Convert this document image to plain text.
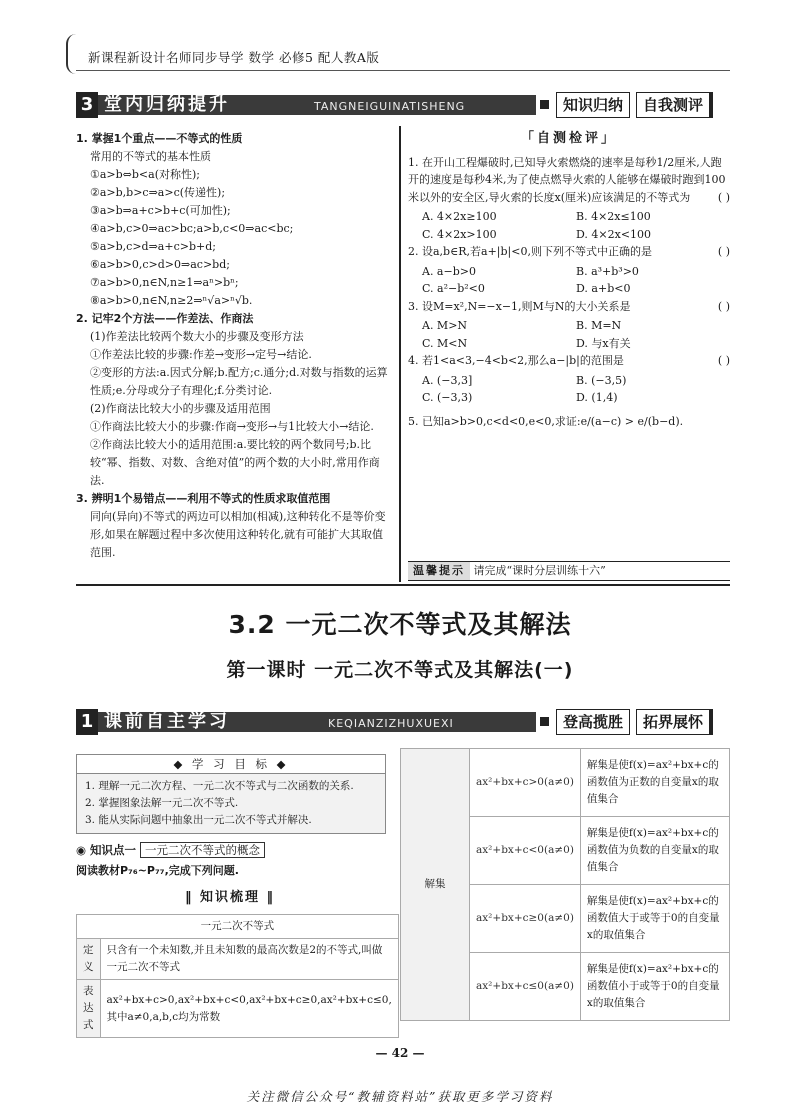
新课程新设计名师同步导学 数学 必修5 配人教A版
3 堂内归纳提升	TANGNEIGUINATISHENG	知识归纳	自我测评
1. 掌握1个重点——不等式的性质
常用的不等式的基本性质
①a>b⇔b<a(对称性);
②a>b,b>c⇒a>c(传递性);
③a>b⇒a+c>b+c(可加性);
④a>b,c>0⇒ac>bc;a>b,c<0⇒ac<bc;
⑤a>b,c>d⇒a+c>b+d;
⑥a>b>0,c>d>0⇒ac>bd;
⑦a>b>0,n∈N,n≥1⇒aⁿ>bⁿ;
⑧a>b>0,n∈N,n≥2⇒ⁿ√a>ⁿ√b.
2. 记牢2个方法——作差法、作商法
(1)作差法比较两个数大小的步骤及变形方法
①作差法比较的步骤:作差→变形→定号→结论.
②变形的方法:a.因式分解;b.配方;c.通分;d.对数与指数的运算性质;e.分母或分子有理化;f.分类讨论.
(2)作商法比较大小的步骤及适用范围
①作商法比较大小的步骤:作商→变形→与1比较大小→结论.
②作商法比较大小的适用范围:a.要比较的两个数同号;b.比较“幂、指数、对数、含绝对值”的两个数的大小时,常用作商法.
3. 辨明1个易错点——利用不等式的性质求取值范围
同向(异向)不等式的两边可以相加(相减),这种转化不是等价变形,如果在解题过程中多次使用这种转化,就有可能扩大其取值范围.
「自测检评」
1. 在开山工程爆破时,已知导火索燃烧的速率是每秒1/2厘米,人跑开的速度是每秒4米,为了使点燃导火索的人能够在爆破时跑到100米以外的安全区,导火索的长度x(厘米)应该满足的不等式为	( )
A. 4×2x≥100	B. 4×2x≤100
C. 4×2x>100	D. 4×2x<100
2. 设a,b∈R,若a+|b|<0,则下列不等式中正确的是	( )
A. a−b>0	B. a³+b³>0
C. a²−b²<0	D. a+b<0
3. 设M=x²,N=−x−1,则M与N的大小关系是	( )
A. M>N	B. M=N
C. M<N	D. 与x有关
4. 若1<a<3,−4<b<2,那么a−|b|的范围是	( )
A. (−3,3]	B. (−3,5)
C. (−3,3)	D. (1,4)
5. 已知a>b>0,c<d<0,e<0,求证:e/(a−c) > e/(b−d).
温馨提示 请完成“课时分层训练十六”
3.2 一元二次不等式及其解法
第一课时 一元二次不等式及其解法(一)
1 课前自主学习	KEQIANZIZHUXUEXI	登高揽胜	拓界展怀
◆ 学 习 目 标 ◆
1. 理解一元二次方程、一元二次不等式与二次函数的关系.
2. 掌握图象法解一元二次不等式.
3. 能从实际问题中抽象出一元二次不等式并解决.
◉ 知识点一 一元二次不等式的概念
阅读教材P₇₆~P₇₇,完成下列问题.
‖ 知识梳理 ‖
一元二次不等式	
定义	只含有一个未知数,并且未知数的最高次数是2的不等式,叫做一元二次不等式
表达式	ax²+bx+c>0,ax²+bx+c<0,ax²+bx+c≥0,ax²+bx+c≤0,其中a≠0,a,b,c均为常数
解集	ax²+bx+c>0(a≠0)	解集是使f(x)=ax²+bx+c的函数值为正数的自变量x的取值集合
	ax²+bx+c<0(a≠0)	解集是使f(x)=ax²+bx+c的函数值为负数的自变量x的取值集合
	ax²+bx+c≥0(a≠0)	解集是使f(x)=ax²+bx+c的函数值大于或等于0的自变量x的取值集合
	ax²+bx+c≤0(a≠0)	解集是使f(x)=ax²+bx+c的函数值小于或等于0的自变量x的取值集合
— 42 —
关注微信公众号“教辅资料站”获取更多学习资料
